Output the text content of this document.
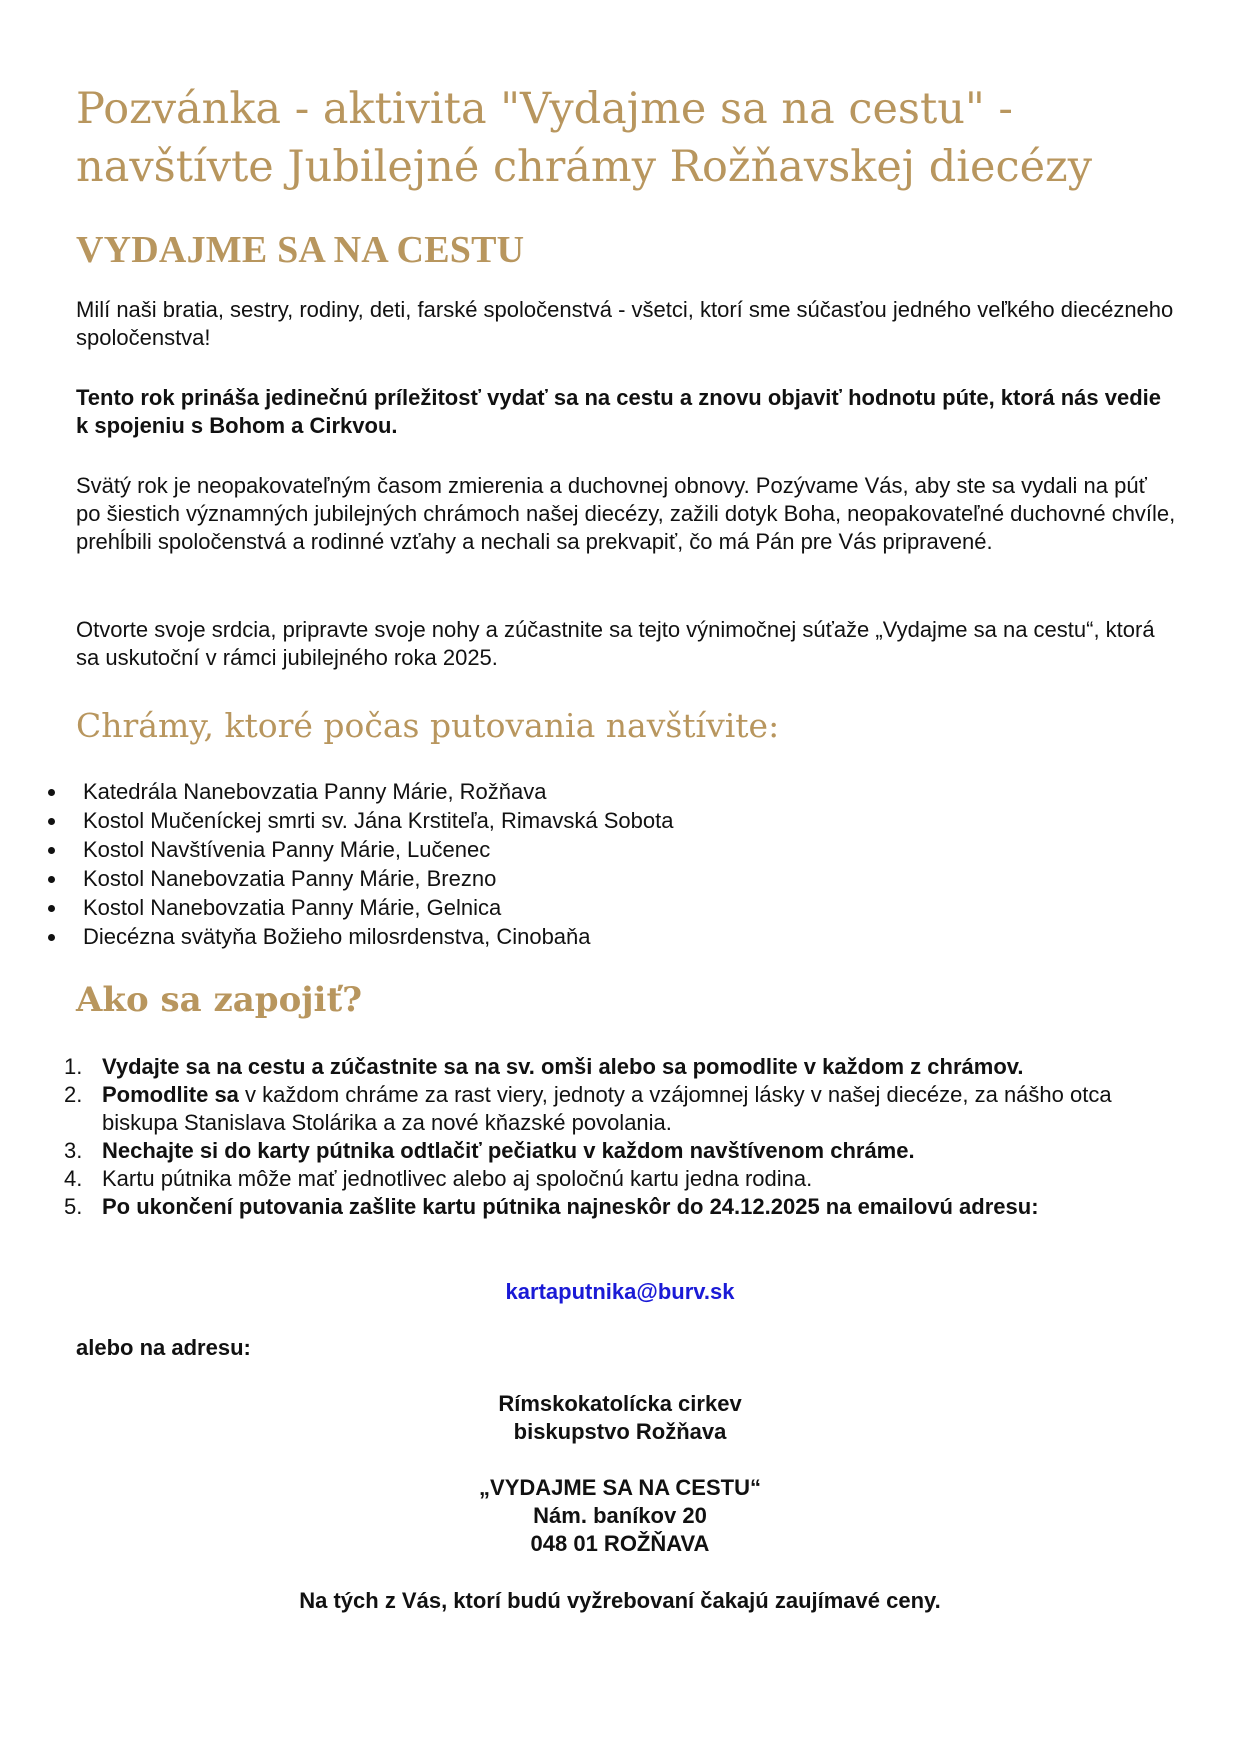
Pozvánka - aktivita "Vydajme sa na cestu" -
navštívte Jubilejné chrámy Rožňavskej diecézy
VYDAJME SA NA CESTU

Milí naši bratia, sestry, rodiny, deti, farské spoločenstvá - všetci, ktorí sme súčasťou jedného veľkého diecézneho spoločenstva!

Tento rok prináša jedinečnú príležitosť vydať sa na cestu a znovu objaviť hodnotu púte, ktorá nás vedie k spojeniu s Bohom a Cirkvou.

Svätý rok je neopakovateľným časom zmierenia a duchovnej obnovy. Pozývame Vás, aby ste sa vydali na púť po šiestich významných jubilejných chrámoch našej diecézy, zažili dotyk Boha, neopakovateľné duchovné chvíle, prehĺbili spoločenstvá a rodinné vzťahy a nechali sa prekvapiť, čo má Pán pre Vás pripravené.

Otvorte svoje srdcia, pripravte svoje nohy a zúčastnite sa tejto výnimočnej súťaže „Vydajme sa na cestu“, ktorá sa uskutoční v rámci jubilejného roka 2025.

Chrámy, ktoré počas putovania navštívite:
Katedrála Nanebovzatia Panny Márie, Rožňava
Kostol Mučeníckej smrti sv. Jána Krstiteľa, Rimavská Sobota
Kostol Navštívenia Panny Márie, Lučenec
Kostol Nanebovzatia Panny Márie, Brezno
Kostol Nanebovzatia Panny Márie, Gelnica
Diecézna svätyňa Božieho milosrdenstva, Cinobaňa
Ako sa zapojiť?
1. Vydajte sa na cestu a zúčastnite sa na sv. omši alebo sa pomodlite v každom z chrámov.
2. Pomodlite sa v každom chráme za rast viery, jednoty a vzájomnej lásky v našej diecéze, za nášho otca biskupa Stanislava Stolárika a za nové kňazské povolania.
3. Nechajte si do karty pútnika odtlačiť pečiatku v každom navštívenom chráme.
4. Kartu pútnika môže mať jednotlivec alebo aj spoločnú kartu jedna rodina.
5. Po ukončení putovania zašlite kartu pútnika najneskôr do 24.12.2025 na emailovú adresu:

kartaputnika@burv.sk

alebo na adresu:

Rímskokatolícka cirkev

biskupstvo Rožňava

„VYDAJME SA NA CESTU“

Nám. baníkov 20

048 01 ROŽŇAVA

Na tých z Vás, ktorí budú vyžrebovaní čakajú zaujímavé ceny.
